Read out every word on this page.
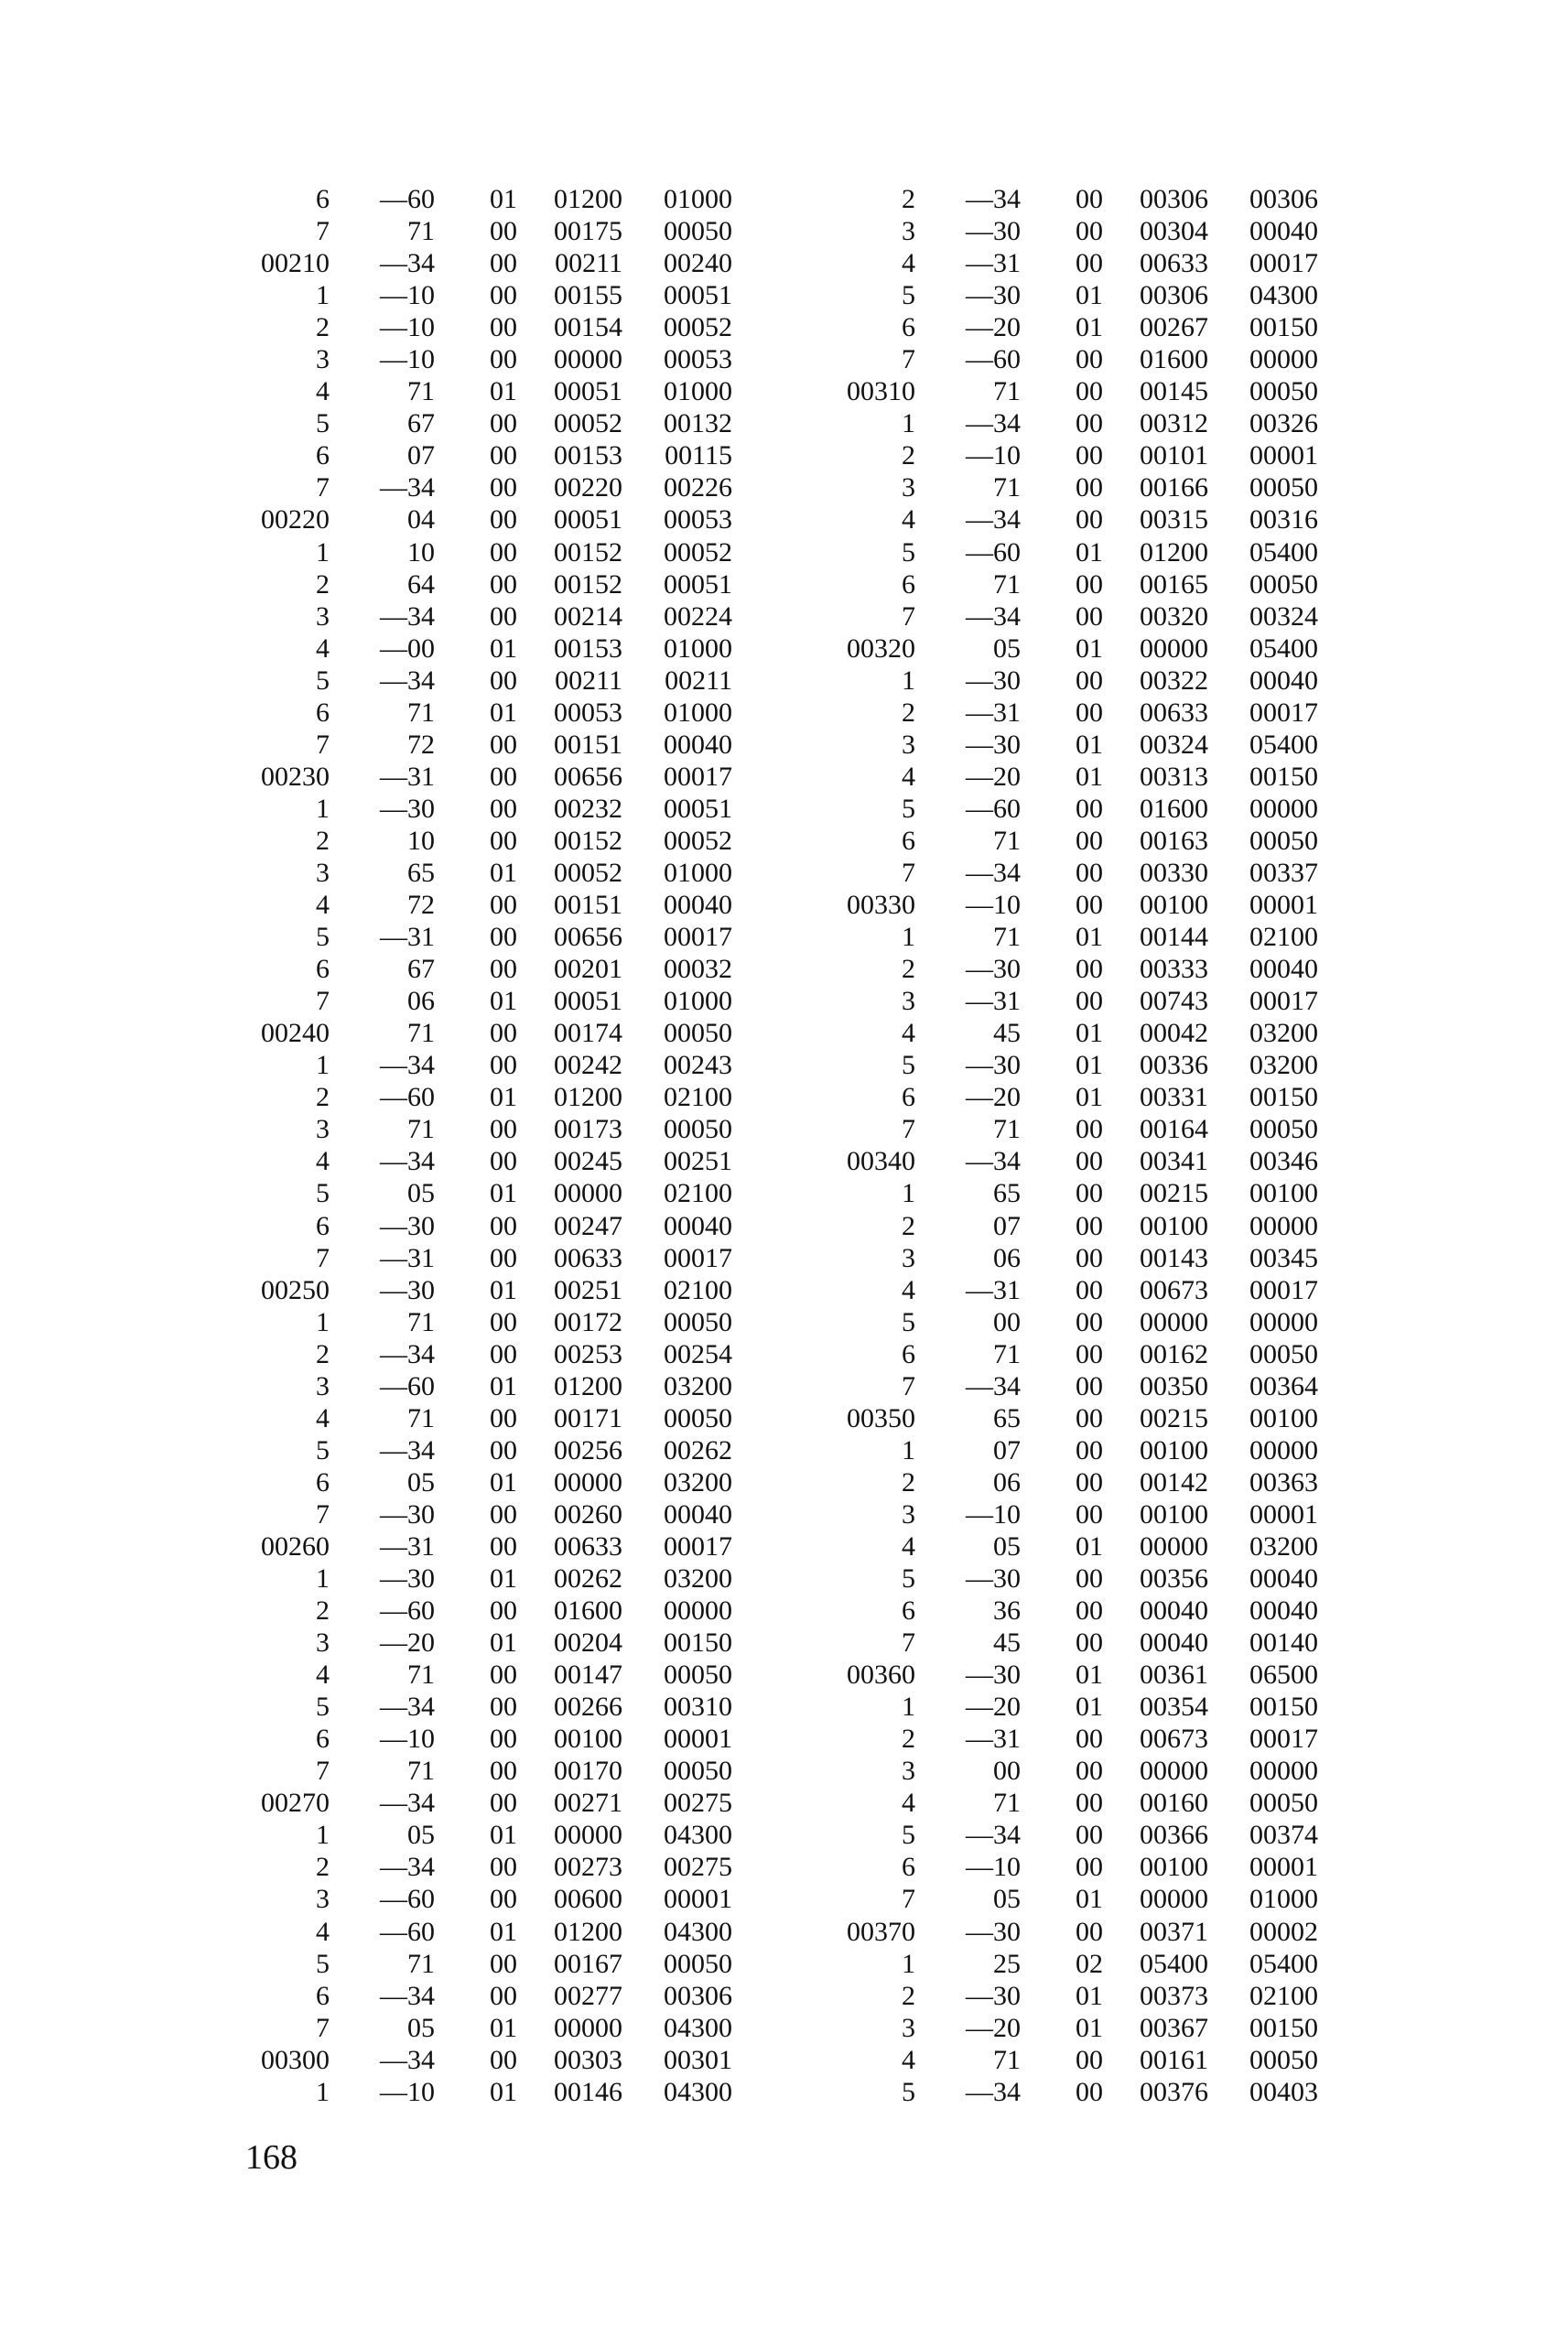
6	—60	01	01200	01000
7	71	00	00175	00050
00210	—34	00	00211	00240
1	—10	00	00155	00051
2	—10	00	00154	00052
3	—10	00	00000	00053
4	71	01	00051	01000
5	67	00	00052	00132
6	07	00	00153	00115
7	—34	00	00220	00226
00220	04	00	00051	00053
1	10	00	00152	00052
2	64	00	00152	00051
3	—34	00	00214	00224
4	—00	01	00153	01000
5	—34	00	00211	00211
6	71	01	00053	01000
7	72	00	00151	00040
00230	—31	00	00656	00017
1	—30	00	00232	00051
2	10	00	00152	00052
3	65	01	00052	01000
4	72	00	00151	00040
5	—31	00	00656	00017
6	67	00	00201	00032
7	06	01	00051	01000
00240	71	00	00174	00050
1	—34	00	00242	00243
2	—60	01	01200	02100
3	71	00	00173	00050
4	—34	00	00245	00251
5	05	01	00000	02100
6	—30	00	00247	00040
7	—31	00	00633	00017
00250	—30	01	00251	02100
1	71	00	00172	00050
2	—34	00	00253	00254
3	—60	01	01200	03200
4	71	00	00171	00050
5	—34	00	00256	00262
6	05	01	00000	03200
7	—30	00	00260	00040
00260	—31	00	00633	00017
1	—30	01	00262	03200
2	—60	00	01600	00000
3	—20	01	00204	00150
4	71	00	00147	00050
5	—34	00	00266	00310
6	—10	00	00100	00001
7	71	00	00170	00050
00270	—34	00	00271	00275
1	05	01	00000	04300
2	—34	00	00273	00275
3	—60	00	00600	00001
4	—60	01	01200	04300
5	71	00	00167	00050
6	—34	00	00277	00306
7	05	01	00000	04300
00300	—34	00	00303	00301
1	—10	01	00146	04300
2	—34	00	00306	00306
3	—30	00	00304	00040
4	—31	00	00633	00017
5	—30	01	00306	04300
6	—20	01	00267	00150
7	—60	00	01600	00000
00310	71	00	00145	00050
1	—34	00	00312	00326
2	—10	00	00101	00001
3	71	00	00166	00050
4	—34	00	00315	00316
5	—60	01	01200	05400
6	71	00	00165	00050
7	—34	00	00320	00324
00320	05	01	00000	05400
1	—30	00	00322	00040
2	—31	00	00633	00017
3	—30	01	00324	05400
4	—20	01	00313	00150
5	—60	00	01600	00000
6	71	00	00163	00050
7	—34	00	00330	00337
00330	—10	00	00100	00001
1	71	01	00144	02100
2	—30	00	00333	00040
3	—31	00	00743	00017
4	45	01	00042	03200
5	—30	01	00336	03200
6	—20	01	00331	00150
7	71	00	00164	00050
00340	—34	00	00341	00346
1	65	00	00215	00100
2	07	00	00100	00000
3	06	00	00143	00345
4	—31	00	00673	00017
5	00	00	00000	00000
6	71	00	00162	00050
7	—34	00	00350	00364
00350	65	00	00215	00100
1	07	00	00100	00000
2	06	00	00142	00363
3	—10	00	00100	00001
4	05	01	00000	03200
5	—30	00	00356	00040
6	36	00	00040	00040
7	45	00	00040	00140
00360	—30	01	00361	06500
1	—20	01	00354	00150
2	—31	00	00673	00017
3	00	00	00000	00000
4	71	00	00160	00050
5	—34	00	00366	00374
6	—10	00	00100	00001
7	05	01	00000	01000
00370	—30	00	00371	00002
1	25	02	05400	05400
2	—30	01	00373	02100
3	—20	01	00367	00150
4	71	00	00161	00050
5	—34	00	00376	00403
168
